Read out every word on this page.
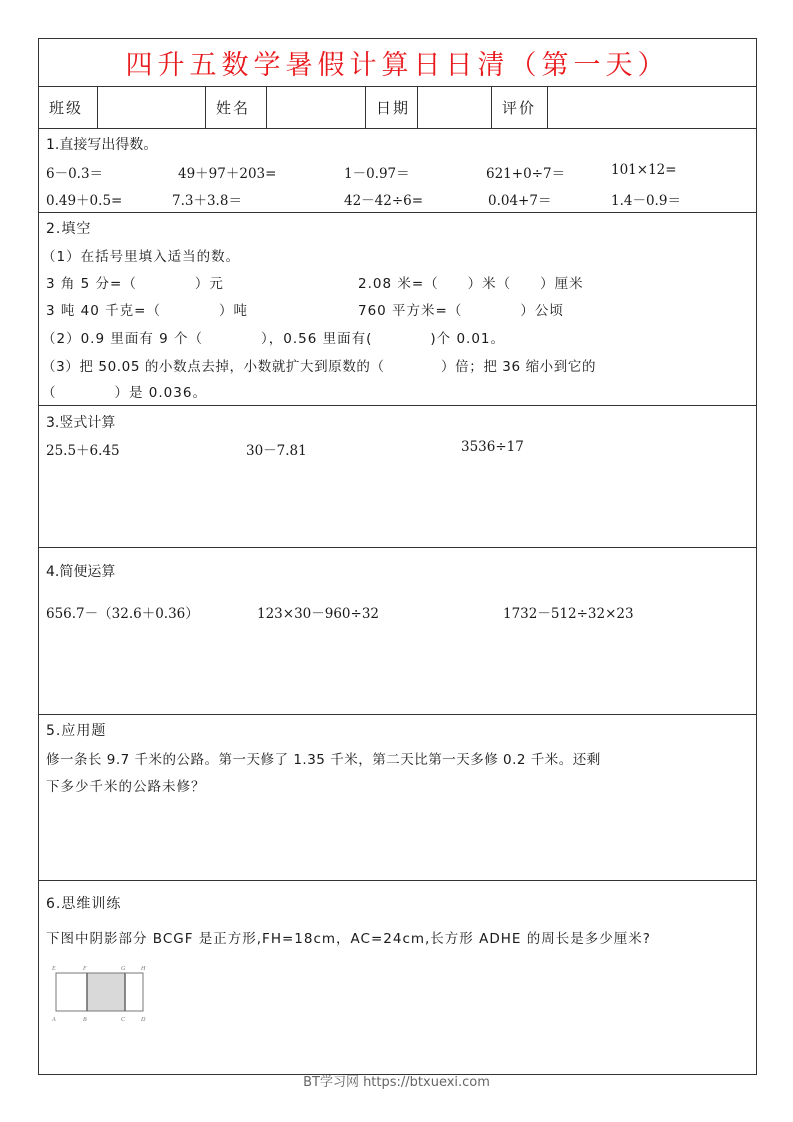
四升五数学暑假计算日日清（第一天）
班级	姓名	日期	评价
1.直接写出得数。
6－0.3＝	49＋97＋203=	1－0.97＝	621+0÷7＝	101×12=
0.49＋0.5=	7.3＋3.8＝	42－42÷6=	0.04+7＝	1.4－0.9＝
2.填空
（1）在括号里填入适当的数。
3 角 5 分=（　　　　）元	2.08 米=（　　）米（　　）厘米
3 吨 40 千克=（　　　　）吨	760 平方米=（　　　　）公顷
（2）0.9 里面有 9 个（　　　　），0.56 里面有(　　　　)个 0.01。
（3）把 50.05 的小数点去掉，小数就扩大到原数的（　　　　）倍；把 36 缩小到它的
（　　　　）是 0.036。
3.竖式计算
25.5＋6.45	30－7.81	3536÷17
4.简便运算
656.7－（32.6＋0.36）	123×30－960÷32	1732－512÷32×23
5.应用题
修一条长 9.7 千米的公路。第一天修了 1.35 千米，第二天比第一天多修 0.2 千米。还剩
下多少千米的公路未修？
6.思维训练
下图中阴影部分 BCGF 是正方形,FH=18cm，AC=24cm,长方形 ADHE 的周长是多少厘米?
E	F	G H
A	B	C D
BT学习网 https://btxuexi.com
